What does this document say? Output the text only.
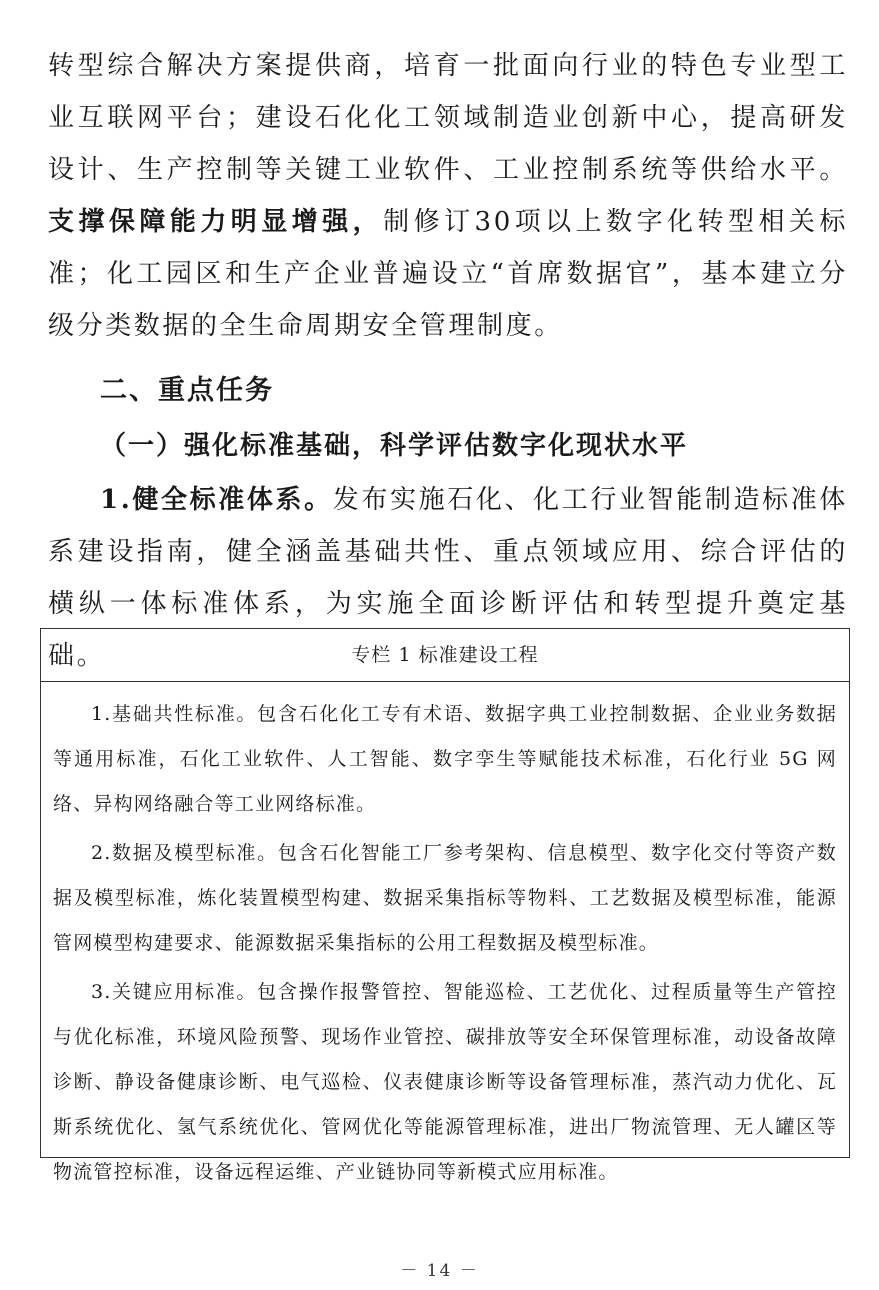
转型综合解决方案提供商，培育一批面向行业的特色专业型工业互联网平台；建设石化化工领域制造业创新中心，提高研发设计、生产控制等关键工业软件、工业控制系统等供给水平。支撑保障能力明显增强，制修订30项以上数字化转型相关标准；化工园区和生产企业普遍设立“首席数据官”，基本建立分级分类数据的全生命周期安全管理制度。

二、重点任务
（一）强化标准基础，科学评估数字化现状水平

1.健全标准体系。发布实施石化、化工行业智能制造标准体系建设指南，健全涵盖基础共性、重点领域应用、综合评估的横纵一体标准体系，为实施全面诊断评估和转型提升奠定基础。	专栏 1 标准建设工程

1.基础共性标准。包含石化化工专有术语、数据字典工业控制数据、企业业务数据等通用标准，石化工业软件、人工智能、数字孪生等赋能技术标准，石化行业 5G 网络、异构网络融合等工业网络标准。

2.数据及模型标准。包含石化智能工厂参考架构、信息模型、数字化交付等资产数据及模型标准，炼化装置模型构建、数据采集指标等物料、工艺数据及模型标准，能源管网模型构建要求、能源数据采集指标的公用工程数据及模型标准。

3.关键应用标准。包含操作报警管控、智能巡检、工艺优化、过程质量等生产管控与优化标准，环境风险预警、现场作业管控、碳排放等安全环保管理标准，动设备故障诊断、静设备健康诊断、电气巡检、仪表健康诊断等设备管理标准，蒸汽动力优化、瓦斯系统优化、氢气系统优化、管网优化等能源管理标准，进出厂物流管理、无人罐区等物流管控标准，设备远程运维、产业链协同等新模式应用标准。

－ 14 －
